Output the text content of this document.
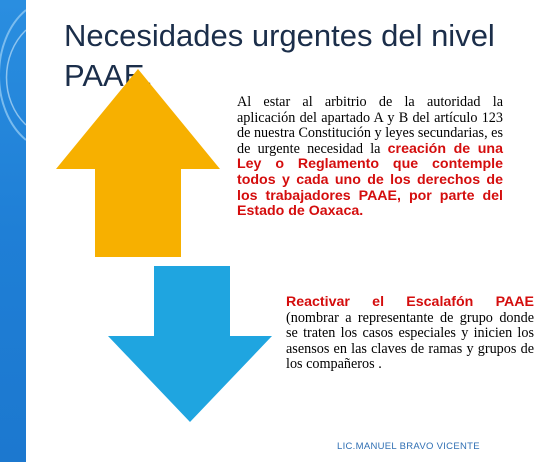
Necesidades urgentes del nivel PAAE.

Al estar al arbitrio de la autoridad la aplicación del apartado A y B del artículo 123 de nuestra Constitución y leyes secundarias, es de urgente necesidad la creación de una Ley o Reglamento que contemple todos y cada uno de los derechos de los trabajadores PAAE, por parte del Estado de Oaxaca.

Reactivar el Escalafón PAAE (nombrar a representante de grupo donde se traten los casos especiales y inicien los asensos en las claves de ramas y grupos de los compañeros .

LIC.MANUEL BRAVO VICENTE
